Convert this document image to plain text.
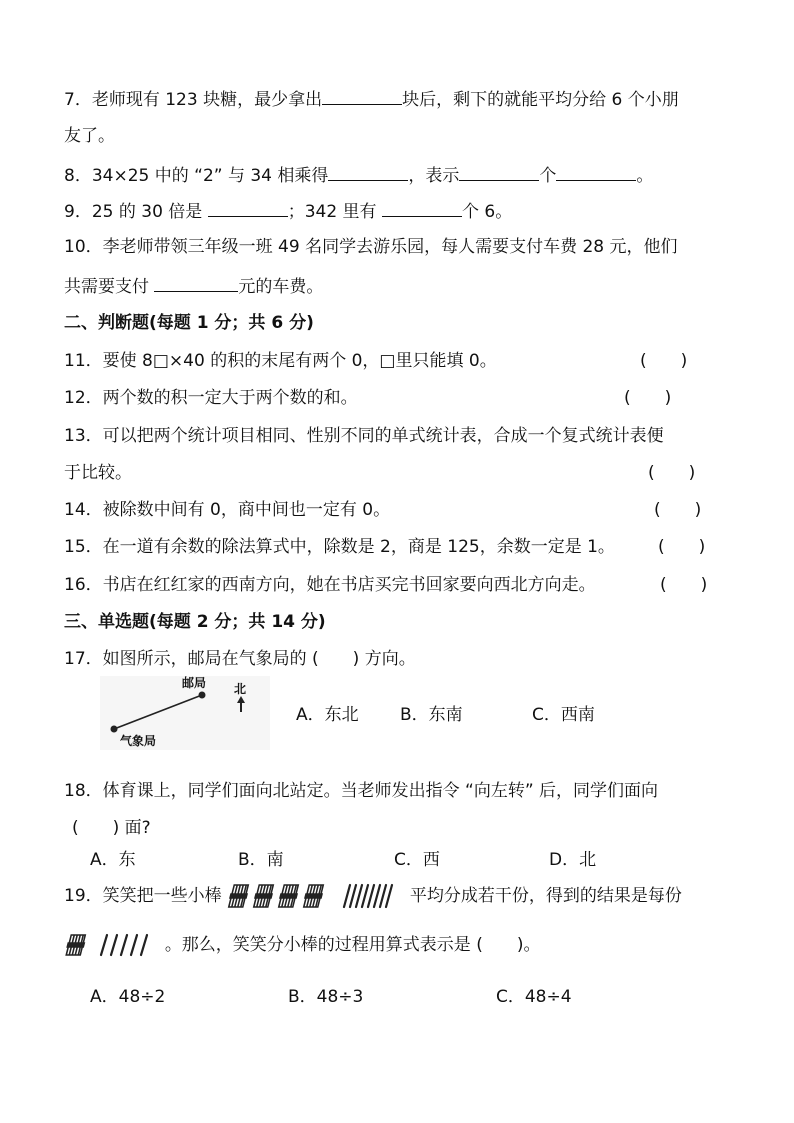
7．老师现有 123 块糖，最少拿出	块后，剩下的就能平均分给 6 个小朋
友了。
8．34×25 中的 “2” 与 34 相乘得	，表示	个	。
9．25 的 30 倍是	；342 里有	个 6。
10．李老师带领三年级一班 49 名同学去游乐园，每人需要支付车费 28 元，他们
共需要支付	元的车费。
二、判断题(每题 1 分；共 6 分)
11．要使 8□×40 的积的末尾有两个 0，□里只能填 0。	(　　)
12．两个数的积一定大于两个数的和。	(　　)
13．可以把两个统计项目相同、性别不同的单式统计表，合成一个复式统计表便
于比较。	(　　)
14．被除数中间有 0，商中间也一定有 0。	(　　)
15．在一道有余数的除法算式中，除数是 2，商是 125，余数一定是 1。	(　　)
16．书店在红红家的西南方向，她在书店买完书回家要向西北方向走。	(　　)
三、单选题(每题 2 分；共 14 分)
17．如图所示，邮局在气象局的 (　　) 方向。
邮局
气象局
北
A．东北 B．东南	C．西南
18．体育课上，同学们面向北站定。当老师发出指令 “向左转” 后，同学们面向
(　　) 面?
A．东	B．南	C．西	D．北
19．笑笑把一些小棒	平均分成若干份，得到的结果是每份
。那么，笑笑分小棒的过程用算式表示是 (　　)。
A．48÷2	B．48÷3	C．48÷4
